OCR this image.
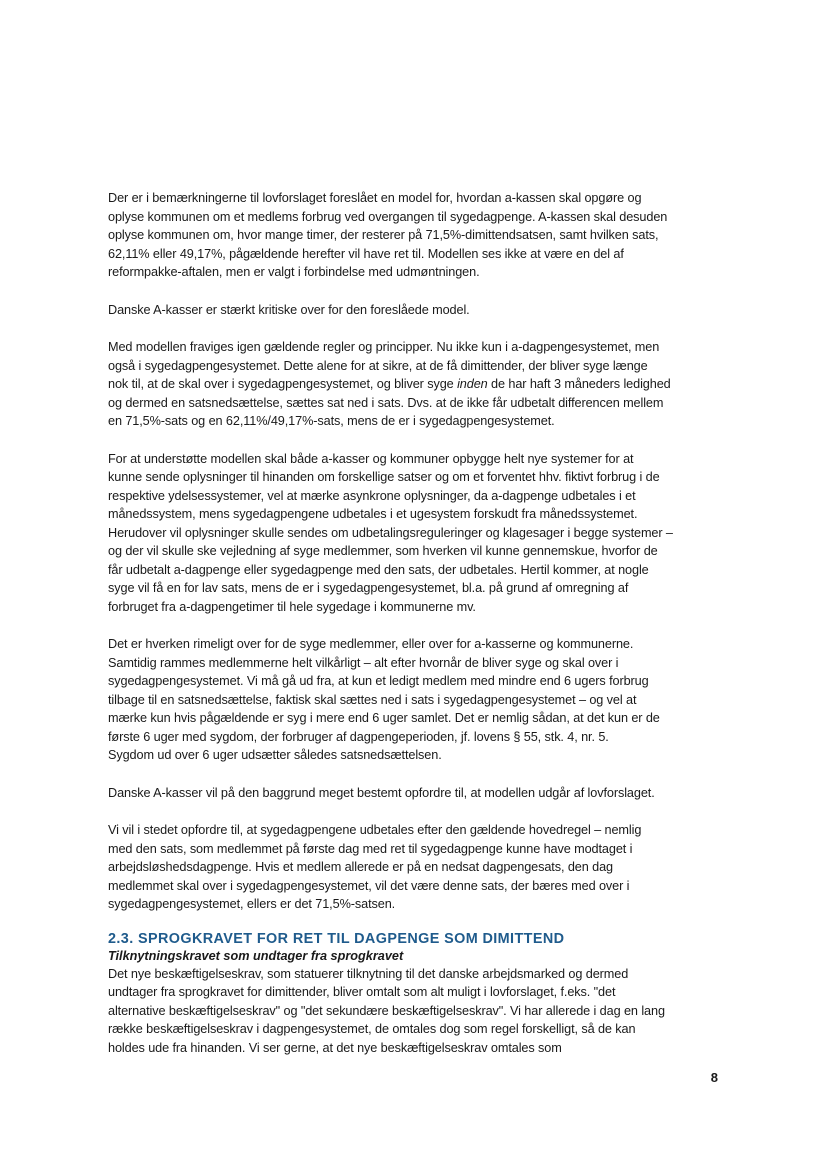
Der er i bemærkningerne til lovforslaget foreslået en model for, hvordan a-kassen skal opgøre og
oplyse kommunen om et medlems forbrug ved overgangen til sygedagpenge. A-kassen skal desuden
oplyse kommunen om, hvor mange timer, der resterer på 71,5%-dimittendsatsen, samt hvilken sats,
62,11% eller 49,17%, pågældende herefter vil have ret til. Modellen ses ikke at være en del af
reformpakke-aftalen, men er valgt i forbindelse med udmøntningen.

Danske A-kasser er stærkt kritiske over for den foreslåede model.

Med modellen fraviges igen gældende regler og principper. Nu ikke kun i a-dagpengesystemet, men
også i sygedagpengesystemet. Dette alene for at sikre, at de få dimittender, der bliver syge længe
nok til, at de skal over i sygedagpengesystemet, og bliver syge inden de har haft 3 måneders ledighed
og dermed en satsnedsættelse, sættes sat ned i sats. Dvs. at de ikke får udbetalt differencen mellem
en 71,5%-sats og en 62,11%/49,17%-sats, mens de er i sygedagpengesystemet.

For at understøtte modellen skal både a-kasser og kommuner opbygge helt nye systemer for at
kunne sende oplysninger til hinanden om forskellige satser og om et forventet hhv. fiktivt forbrug i de
respektive ydelsessystemer, vel at mærke asynkrone oplysninger, da a-dagpenge udbetales i et
månedssystem, mens sygedagpengene udbetales i et ugesystem forskudt fra månedssystemet.
Herudover vil oplysninger skulle sendes om udbetalingsreguleringer og klagesager i begge systemer –
og der vil skulle ske vejledning af syge medlemmer, som hverken vil kunne gennemskue, hvorfor de
får udbetalt a-dagpenge eller sygedagpenge med den sats, der udbetales. Hertil kommer, at nogle
syge vil få en for lav sats, mens de er i sygedagpengesystemet, bl.a. på grund af omregning af
forbruget fra a-dagpengetimer til hele sygedage i kommunerne mv.

Det er hverken rimeligt over for de syge medlemmer, eller over for a-kasserne og kommunerne.
Samtidig rammes medlemmerne helt vilkårligt – alt efter hvornår de bliver syge og skal over i
sygedagpengesystemet. Vi må gå ud fra, at kun et ledigt medlem med mindre end 6 ugers forbrug
tilbage til en satsnedsættelse, faktisk skal sættes ned i sats i sygedagpengesystemet – og vel at
mærke kun hvis pågældende er syg i mere end 6 uger samlet. Det er nemlig sådan, at det kun er de
første 6 uger med sygdom, der forbruger af dagpengeperioden, jf. lovens § 55, stk. 4, nr. 5.
Sygdom ud over 6 uger udsætter således satsnedsættelsen.

Danske A-kasser vil på den baggrund meget bestemt opfordre til, at modellen udgår af lovforslaget.

Vi vil i stedet opfordre til, at sygedagpengene udbetales efter den gældende hovedregel – nemlig
med den sats, som medlemmet på første dag med ret til sygedagpenge kunne have modtaget i
arbejdsløshedsdagpenge. Hvis et medlem allerede er på en nedsat dagpengesats, den dag
medlemmet skal over i sygedagpengesystemet, vil det være denne sats, der bæres med over i
sygedagpengesystemet, ellers er det 71,5%-satsen.

2.3. SPROGKRAVET FOR RET TIL DAGPENGE SOM DIMITTEND
Tilknytningskravet som undtager fra sprogkravet

Det nye beskæftigelseskrav, som statuerer tilknytning til det danske arbejdsmarked og dermed
undtager fra sprogkravet for dimittender, bliver omtalt som alt muligt i lovforslaget, f.eks. "det
alternative beskæftigelseskrav" og "det sekundære beskæftigelseskrav". Vi har allerede i dag en lang
række beskæftigelseskrav i dagpengesystemet, de omtales dog som regel forskelligt, så de kan
holdes ude fra hinanden. Vi ser gerne, at det nye beskæftigelseskrav omtales som

8
